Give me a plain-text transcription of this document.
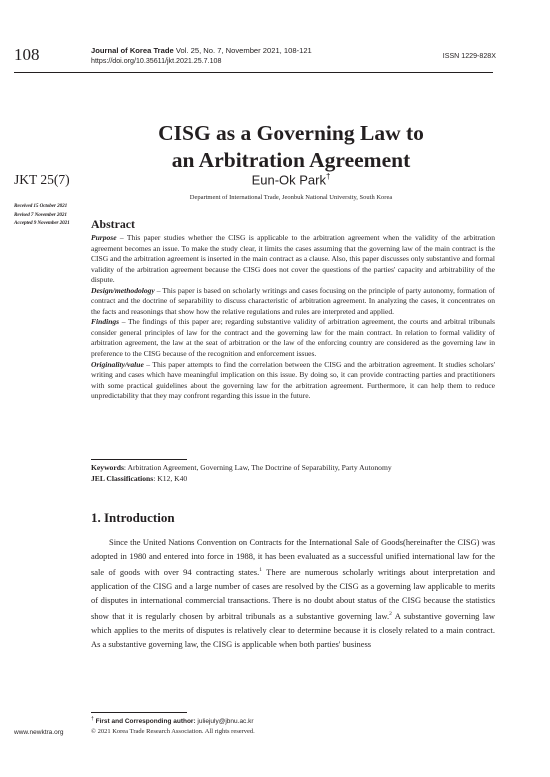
108	Journal of Korea Trade Vol. 25, No. 7, November 2021, 108-121
https://doi.org/10.35611/jkt.2021.25.7.108
ISSN 1229-828X
CISG as a Governing Law to
an Arbitration Agreement
JKT 25(7)	Eun-Ok Park†
Department of International Trade, Jeonbuk National University, South Korea
Received 15 October 2021
Revised 7 November 2021
Accepted 9 November 2021 Abstract

Purpose – This paper studies whether the CISG is applicable to the arbitration agreement when the validity of the arbitration agreement becomes an issue. To make the study clear, it limits the cases assuming that the governing law of the main contract is the CISG and the arbitration agreement is inserted in the main contract as a clause. Also, this paper discusses only substantive and formal validity of the arbitration agreement because the CISG does not cover the questions of the parties' capacity and arbitrability of the dispute.

Design/methodology – This paper is based on scholarly writings and cases focusing on the principle of party autonomy, formation of contract and the doctrine of separability to discuss characteristic of arbitration agreement. In analyzing the cases, it concentrates on the facts and reasonings that show how the relative regulations and rules are interpreted and applied.

Findings – The findings of this paper are; regarding substantive validity of arbitration agreement, the courts and arbitral tribunals consider general principles of law for the contract and the governing law for the main contract. In relation to formal validity of arbitration agreement, the law at the seat of arbitration or the law of the enforcing country are considered as the governing law in preference to the CISG because of the recognition and enforcement issues.

Originality/value – This paper attempts to find the correlation between the CISG and the arbitration agreement. It studies scholars' writing and cases which have meaningful implication on this issue. By doing so, it can provide contracting parties and practitioners with some practical guidelines about the governing law for the arbitration agreement. Furthermore, it can help them to reduce unpredictability that they may confront regarding this issue in the future.

Keywords: Arbitration Agreement, Governing Law, The Doctrine of Separability, Party Autonomy
JEL Classifications: K12, K40
1. Introduction

Since the United Nations Convention on Contracts for the International Sale of Goods(hereinafter the CISG) was adopted in 1980 and entered into force in 1988, it has been evaluated as a successful unified international law for the sale of goods with over 94 contracting states.$^1$ There are numerous scholarly writings about interpretation and application of the CISG and a large number of cases are resolved by the CISG as a governing law applicable to merits of disputes in international commercial transactions. There is no doubt about status of the CISG because the statistics show that it is regularly chosen by arbitral tribunals as a substantive governing law.$^2$ A substantive governing law which applies to the merits of disputes is relatively clear to determine because it is closely related to a main contract. As a substantive governing law, the CISG is applicable when both parties' business

† First and Corresponding author: juliejuly@jbnu.ac.kr
© 2021 Korea Trade Research Association. All rights reserved.
www.newktra.org
